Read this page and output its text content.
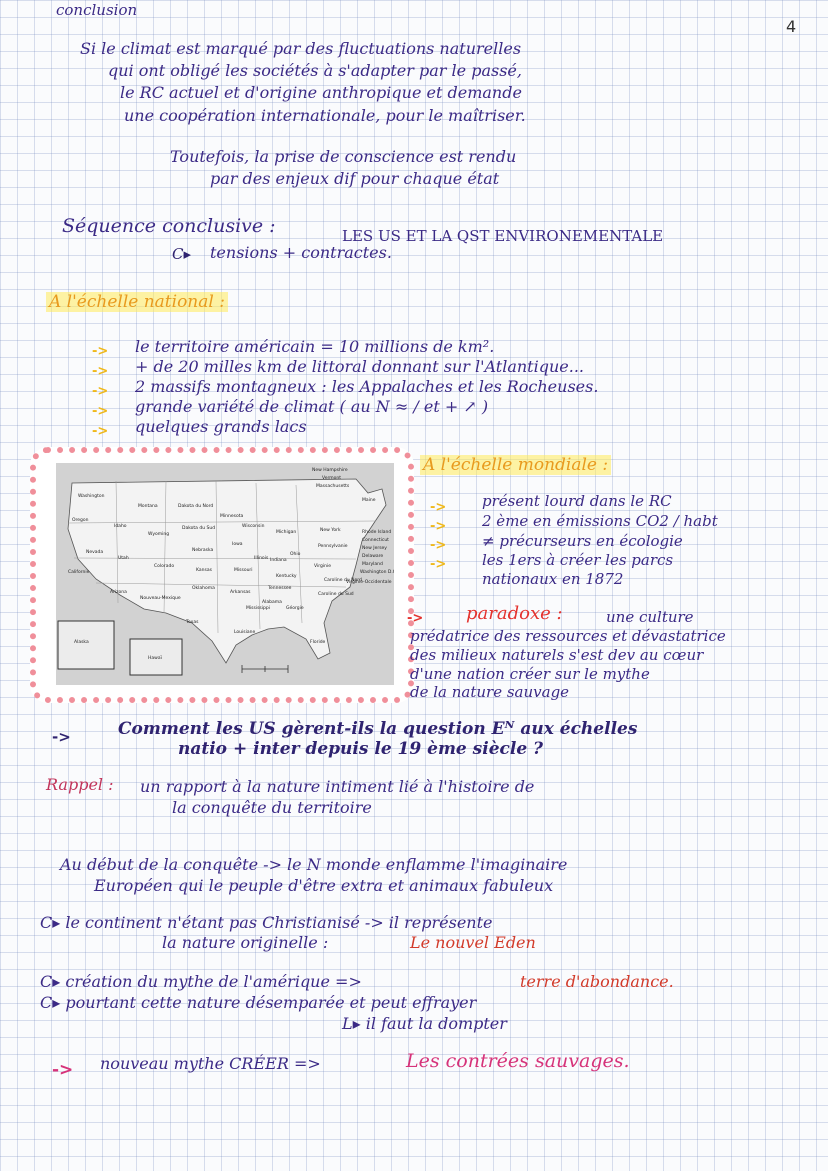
conclusion
4
Si le climat est marqué par des fluctuations naturelles
qui ont obligé les sociétés à s'adapter par le passé,
le RC actuel et d'origine anthropique et demande
une coopération internationale, pour le maîtriser.
Toutefois, la prise de conscience est rendu
par des enjeux dif pour chaque état
Séquence conclusive :	LES US ET LA QST ENVIRONEMENTALE
C▸ tensions + contractes.
A l'échelle national :
->
->
->
->
->
le territoire américain = 10 millions de km².
+ de 20 milles km de littoral donnant sur l'Atlantique...
2 massifs montagneux : les Appalaches et les Rocheuses.
grande variété de climat ( au N ≈ / et + ↗ )
quelques grands lacs
Washington
Montana	Dakota du Nord
Minnesota
Oregon
Idaho
Wyoming
Dakota du Sud	Wisconsin
Michigan	New York
Maine
Nevada
Utah
Colorado
Nebraska
Iowa
Illinois Indiana
Ohio
Pennsylvanie
Californie
Arizona
Nouveau-Mexique
Kansas	Missouri
Kentucky
Virginie
Oklahoma
Arkansas
Tennessee
Caroline du Nord
Texas
Louisiane
Mississippi
Alabama
Géorgie
Caroline du Sud
Floride
Alaska
Hawaï
New Hampshire
Vermont
Massachusetts
Rhode Island
Connecticut
New Jersey
Delaware
Maryland
Washington D.C.
Virginie-Occidentale
A l'échelle mondiale :
->
->
->
->
présent lourd dans le RC
2 ème en émissions CO2 / habt
≠ précurseurs en écologie
les 1ers à créer les parcs
nationaux en 1872
-> paradoxe :	une culture
prédatrice des ressources et dévastatrice
des milieux naturels s'est dev au cœur
d'une nation créer sur le mythe
de la nature sauvage
->	Comment les US gèrent-ils la question Eᴺ aux échelles
natio + inter depuis le 19 ème siècle ?
Rappel : un rapport à la nature intiment lié à l'histoire de
la conquête du territoire
Au début de la conquête -> le N monde enflamme l'imaginaire
Européen qui le peuple d'être extra et animaux fabuleux
C▸ le continent n'étant pas Christianisé -> il représente
la nature originelle :	Le nouvel Eden
C▸ création du mythe de l'amérique =>	terre d'abondance.
C▸ pourtant cette nature désemparée et peut effrayer
L▸ il faut la dompter
-> nouveau mythe CRÉER =>	Les contrées sauvages.
